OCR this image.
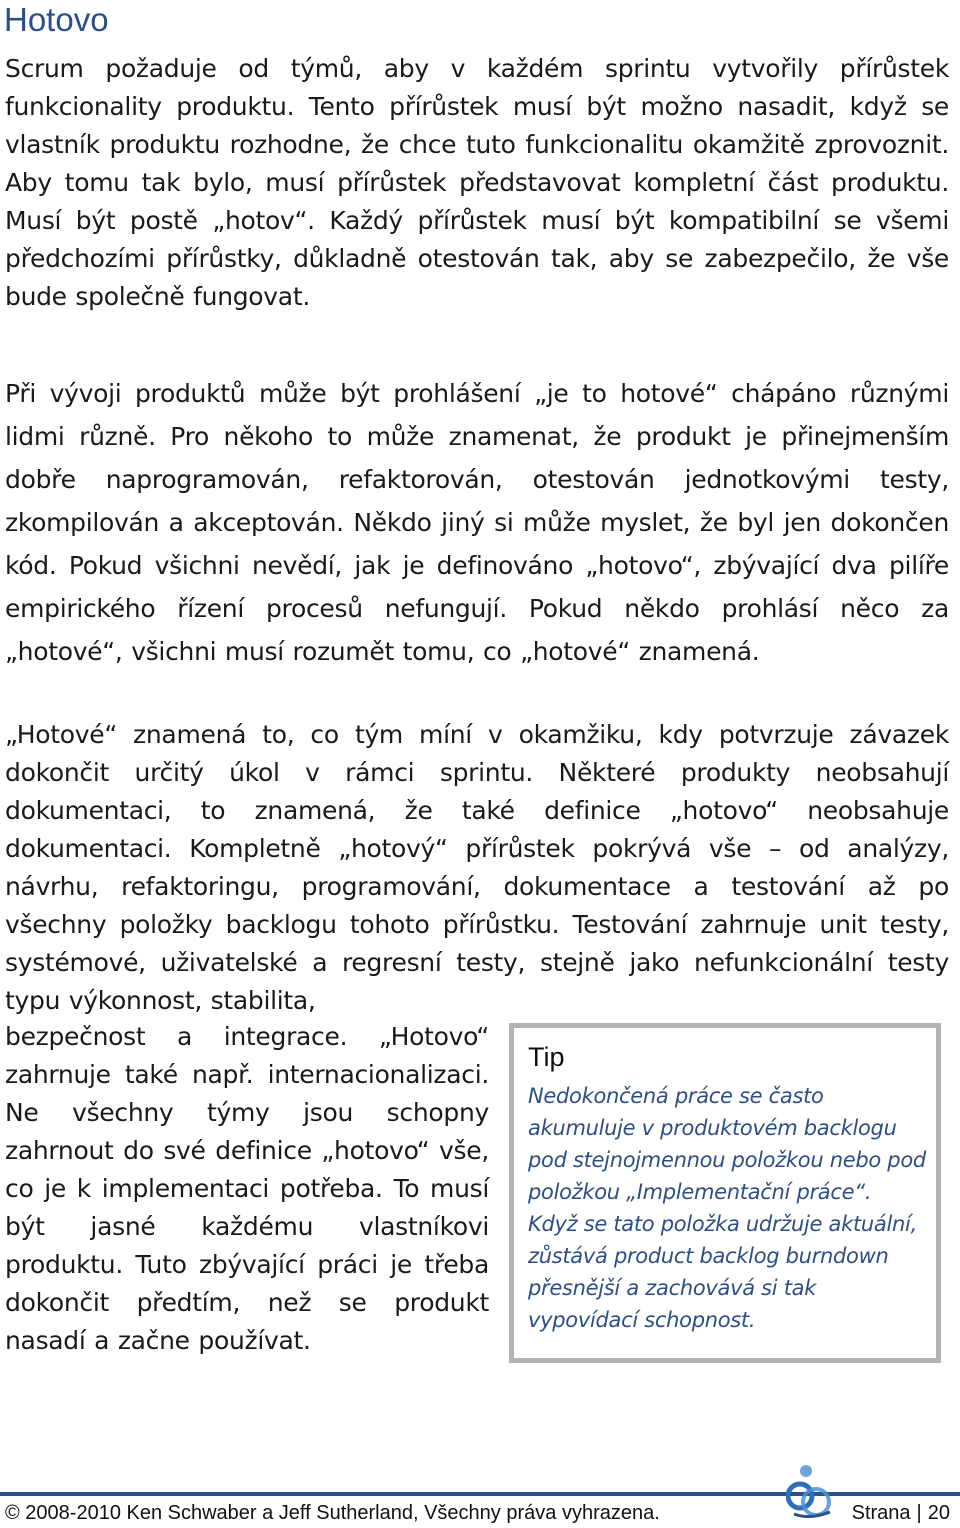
Hotovo

Scrum požaduje od týmů, aby v každém sprintu vytvořily přírůstek funkcionality produktu. Tento přírůstek musí být možno nasadit, když se vlastník produktu rozhodne, že chce tuto funkcionalitu okamžitě zprovoznit. Aby tomu tak bylo, musí přírůstek představovat kompletní část produktu. Musí být postě „hotov“. Každý přírůstek musí být kompatibilní se všemi předchozími přírůstky, důkladně otestován tak, aby se zabezpečilo, že vše bude společně fungovat.

Při vývoji produktů může být prohlášení „je to hotové“ chápáno různými lidmi různě. Pro někoho to může znamenat, že produkt je přinejmenším dobře naprogramován, refaktorován, otestován jednotkovými testy, zkompilován a akceptován. Někdo jiný si může myslet, že byl jen dokončen kód. Pokud všichni nevědí, jak je definováno „hotovo“, zbývající dva pilíře empirického řízení procesů nefungují. Pokud někdo prohlásí něco za „hotové“, všichni musí rozumět tomu, co „hotové“ znamená.

„Hotové“ znamená to, co tým míní v okamžiku, kdy potvrzuje závazek dokončit určitý úkol v rámci sprintu. Některé produkty neobsahují dokumentaci, to znamená, že také definice „hotovo“ neobsahuje dokumentaci. Kompletně „hotový“ přírůstek pokrývá vše – od analýzy, návrhu, refaktoringu, programování, dokumentace a testování až po všechny položky backlogu tohoto přírůstku. Testování zahrnuje unit testy, systémové, uživatelské a regresní testy, stejně jako nefunkcionální testy typu výkonnost, stabilita,

bezpečnost a integrace. „Hotovo“ zahrnuje také např. internacionalizaci. Ne všechny týmy jsou schopny zahrnout do své definice „hotovo“ vše, co je k implementaci potřeba. To musí být jasné každému vlastníkovi produktu. Tuto zbývající práci je třeba dokončit předtím, než se produkt nasadí a začne používat.

Tip

Nedokončená práce se často akumuluje v produktovém backlogu pod stejnojmennou položkou nebo pod položkou „Implementační práce“. Když se tato položka udržuje aktuální, zůstává product backlog burndown přesnější a zachovává si tak vypovídací schopnost.

© 2008-2010 Ken Schwaber a Jeff Sutherland, Všechny práva vyhrazena.	Strana | 20
